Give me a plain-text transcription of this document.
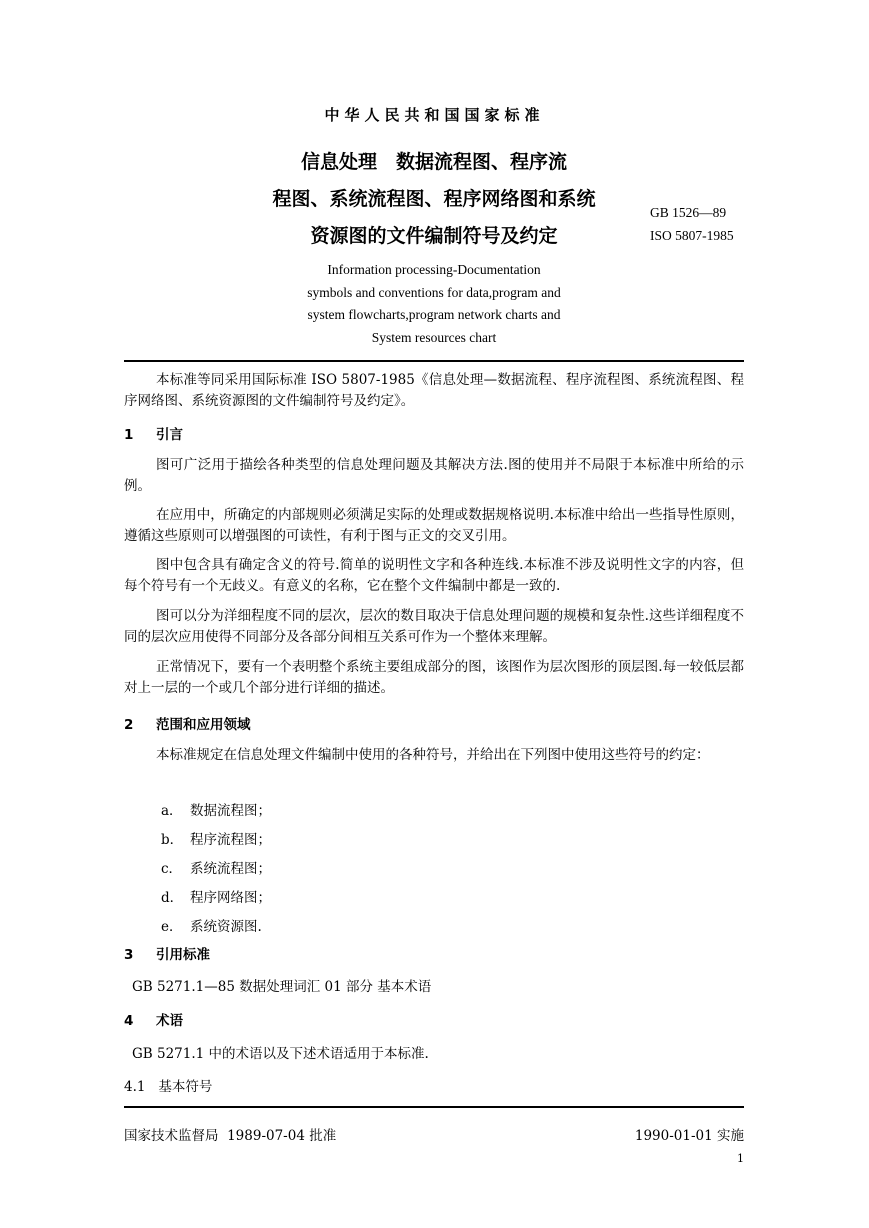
中华人民共和国国家标准
信息处理　数据流程图、程序流
程图、系统流程图、程序网络图和系统
资源图的文件编制符号及约定
GB 1526—89
ISO 5807-1985
Information processing-Documentation
symbols and conventions for data,program and
system flowcharts,program network charts and
System resources chart
本标准等同采用国际标准 ISO 5807-1985《信息处理—数据流程、程序流程图、系统流程图、程序网络图、系统资源图的文件编制符号及约定》。
1 引言
图可广泛用于描绘各种类型的信息处理问题及其解决方法.图的使用并不局限于本标准中所给的示例。
在应用中，所确定的内部规则必须满足实际的处理或数据规格说明.本标准中给出一些指导性原则，遵循这些原则可以增强图的可读性，有利于图与正文的交叉引用。
图中包含具有确定含义的符号.简单的说明性文字和各种连线.本标准不涉及说明性文字的内容，但每个符号有一个无歧义。有意义的名称，它在整个文件编制中都是一致的.
图可以分为洋细程度不同的层次，层次的数目取决于信息处理问题的规模和复杂性.这些详细程度不同的层次应用使得不同部分及各部分间相互关系可作为一个整体来理解。
正常情况下，要有一个表明整个系统主要组成部分的图，该图作为层次图形的顶层图.每一较低层都对上一层的一个或几个部分进行详细的描述。
2 范围和应用领域
本标准规定在信息处理文件编制中使用的各种符号，并给出在下列图中使用这些符号的约定：
a． 数据流程图；
b． 程序流程图；
c． 系统流程图；
d． 程序网络图；
e． 系统资源图.
3 引用标准
GB 5271.1—85 数据处理词汇 01 部分 基本术语
4 术语
GB 5271.1 中的术语以及下述术语适用于本标准.
4.1   基本符号
国家技术监督局  1989-07-04 批准	1990-01-01 实施
1
